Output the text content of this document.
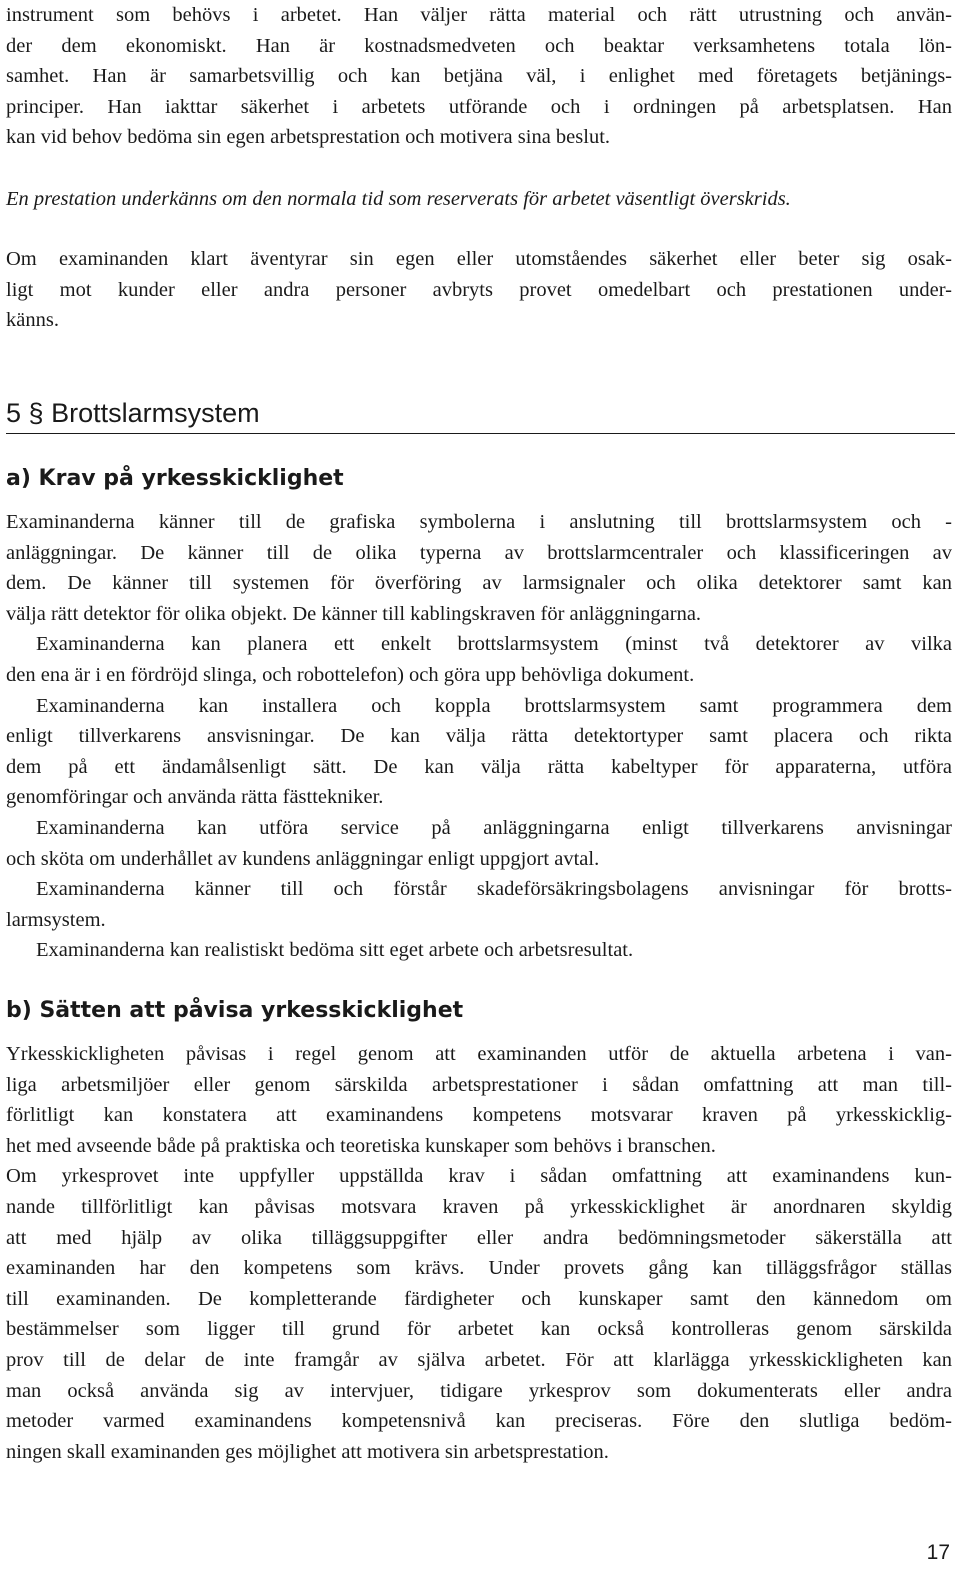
instrument som behövs i arbetet. Han väljer rätta material och rätt utrustning och använ-
der dem ekonomiskt. Han är kostnadsmedveten och beaktar verksamhetens totala lön-
samhet. Han är samarbetsvillig och kan betjäna väl, i enlighet med företagets betjänings-
principer. Han iakttar säkerhet i arbetets utförande och i ordningen på arbetsplatsen. Han
kan vid behov bedöma sin egen arbetsprestation och motivera sina beslut.

En prestation underkänns om den normala tid som reserverats för arbetet väsentligt överskrids.

Om examinanden klart äventyrar sin egen eller utomståendes säkerhet eller beter sig osak-
ligt mot kunder eller andra personer avbryts provet omedelbart och prestationen under-
känns.
5 § Brottslarmsystem
a) Krav på yrkesskicklighet
Examinanderna känner till de grafiska symbolerna i anslutning till brottslarmsystem och -
anläggningar. De känner till de olika typerna av brottslarmcentraler och klassificeringen av
dem. De känner till systemen för överföring av larmsignaler och olika detektorer samt kan
välja rätt detektor för olika objekt. De känner till kablingskraven för anläggningarna.
Examinanderna kan planera ett enkelt brottslarmsystem (minst två detektorer av vilka
den ena är i en fördröjd slinga, och robottelefon) och göra upp behövliga dokument.
Examinanderna kan installera och koppla brottslarmsystem samt programmera dem
enligt tillverkarens ansvisningar. De kan välja rätta detektortyper samt placera och rikta
dem på ett ändamålsenligt sätt. De kan välja rätta kabeltyper för apparaterna, utföra
genomföringar och använda rätta fästtekniker.
Examinanderna kan utföra service på anläggningarna enligt tillverkarens anvisningar
och sköta om underhållet av kundens anläggningar enligt uppgjort avtal.
Examinanderna känner till och förstår skadeförsäkringsbolagens anvisningar för brotts-
larmsystem.
Examinanderna kan realistiskt bedöma sitt eget arbete och arbetsresultat.
b) Sätten att påvisa yrkesskicklighet
Yrkesskickligheten påvisas i regel genom att examinanden utför de aktuella arbetena i van-
liga arbetsmiljöer eller genom särskilda arbetsprestationer i sådan omfattning att man till-
förlitligt kan konstatera att examinandens kompetens motsvarar kraven på yrkesskicklig-
het med avseende både på praktiska och teoretiska kunskaper som behövs i branschen.
Om yrkesprovet inte uppfyller uppställda krav i sådan omfattning att examinandens kun-
nande tillförlitligt kan påvisas motsvara kraven på yrkesskicklighet är anordnaren skyldig
att med hjälp av olika tilläggsuppgifter eller andra bedömningsmetoder säkerställa att
examinanden har den kompetens som krävs. Under provets gång kan tilläggsfrågor ställas
till examinanden. De kompletterande färdigheter och kunskaper samt den kännedom om
bestämmelser som ligger till grund för arbetet kan också kontrolleras genom särskilda
prov till de delar de inte framgår av själva arbetet. För att klarlägga yrkesskickligheten kan
man också använda sig av intervjuer, tidigare yrkesprov som dokumenterats eller andra
metoder varmed examinandens kompetensnivå kan preciseras. Före den slutliga bedöm-
ningen skall examinanden ges möjlighet att motivera sin arbetsprestation.
17
